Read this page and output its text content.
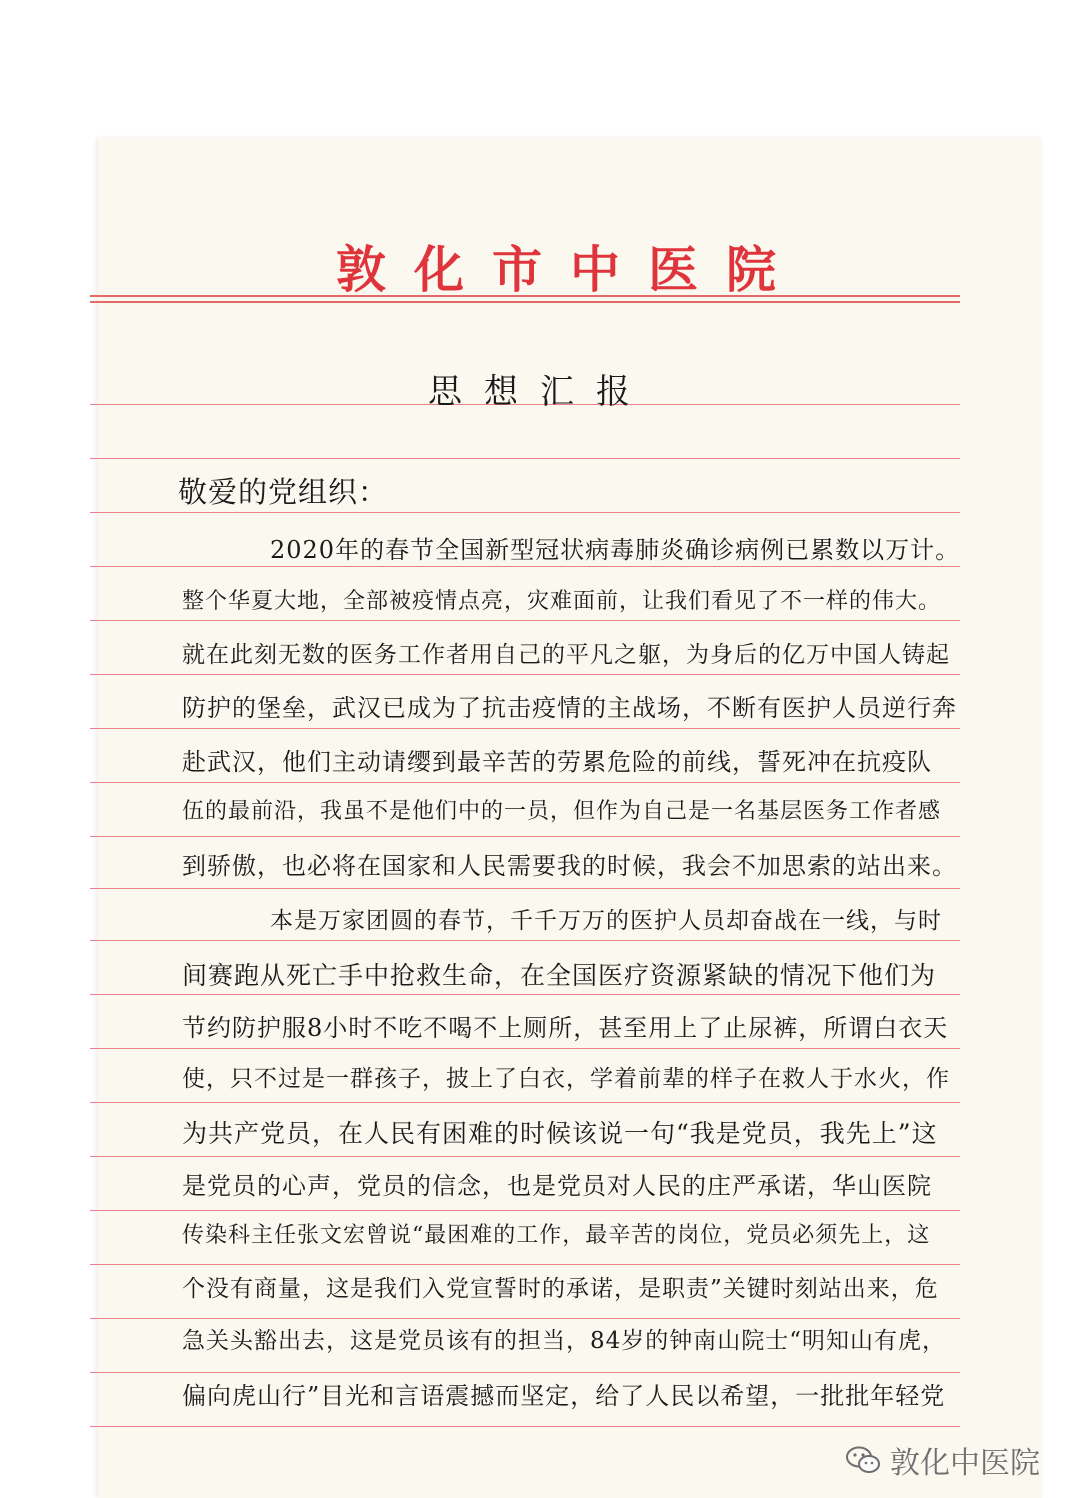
敦化市中医院
思想汇报
敬爱的党组织：
2020年的春节全国新型冠状病毒肺炎确诊病例已累数以万计。
整个华夏大地，全部被疫情点亮，灾难面前，让我们看见了不一样的伟大。
就在此刻无数的医务工作者用自己的平凡之躯，为身后的亿万中国人铸起
防护的堡垒，武汉已成为了抗击疫情的主战场，不断有医护人员逆行奔
赴武汉，他们主动请缨到最辛苦的劳累危险的前线，誓死冲在抗疫队
伍的最前沿，我虽不是他们中的一员，但作为自己是一名基层医务工作者感
到骄傲，也必将在国家和人民需要我的时候，我会不加思索的站出来。
本是万家团圆的春节，千千万万的医护人员却奋战在一线，与时
间赛跑从死亡手中抢救生命，在全国医疗资源紧缺的情况下他们为
节约防护服8小时不吃不喝不上厕所，甚至用上了止尿裤，所谓白衣天
使，只不过是一群孩子，披上了白衣，学着前辈的样子在救人于水火，作
为共产党员，在人民有困难的时候该说一句“我是党员，我先上”这
是党员的心声，党员的信念，也是党员对人民的庄严承诺，华山医院
传染科主任张文宏曾说“最困难的工作，最辛苦的岗位，党员必须先上，这
个没有商量，这是我们入党宣誓时的承诺，是职责”关键时刻站出来，危
急关头豁出去，这是党员该有的担当，84岁的钟南山院士“明知山有虎，
偏向虎山行”目光和言语震撼而坚定，给了人民以希望，一批批年轻党
敦化中医院
